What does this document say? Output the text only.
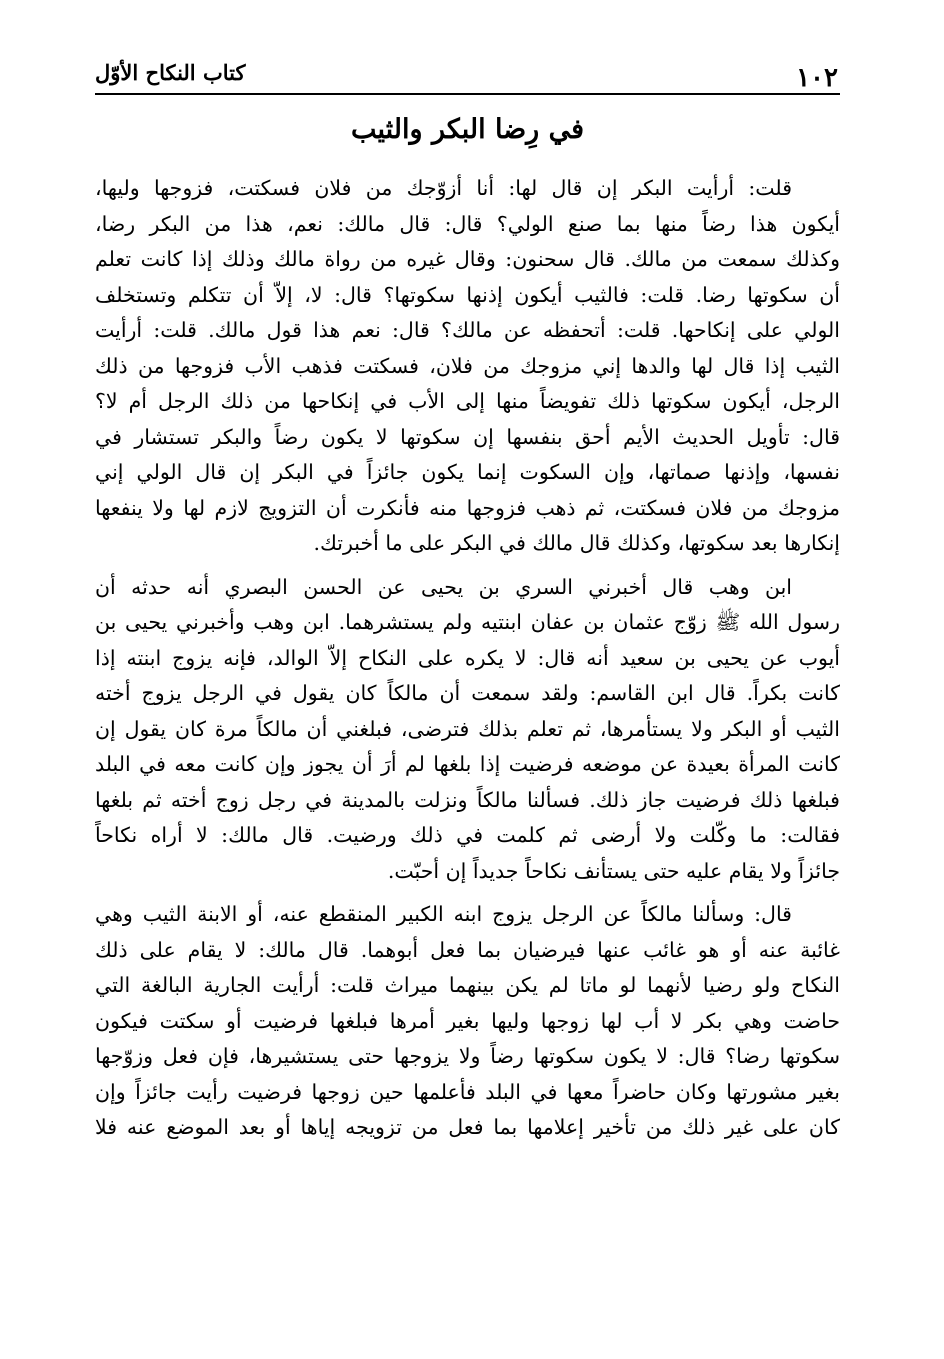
١٠٢
كتاب النكاح الأوّل
في رِضا البكر والثيب

قلت: أرأيت البكر إن قال لها: أنا أزوّجك من فلان فسكتت، فزوجها وليها،
أيكون هذا رضاً منها بما صنع الولي؟ قال: قال مالك: نعم، هذا من البكر رضا،
وكذلك سمعت من مالك. قال سحنون: وقال غيره من رواة مالك وذلك إذا كانت تعلم
أن سكوتها رضا. قلت: فالثيب أيكون إذنها سكوتها؟ قال: لا، إلاّ أن تتكلم وتستخلف
الولي على إنكاحها. قلت: أتحفظه عن مالك؟ قال: نعم هذا قول مالك. قلت: أرأيت
الثيب إذا قال لها والدها إني مزوجك من فلان، فسكتت فذهب الأب فزوجها من ذلك
الرجل، أيكون سكوتها ذلك تفويضاً منها إلى الأب في إنكاحها من ذلك الرجل أم لا؟
قال: تأويل الحديث الأيم أحق بنفسها إن سكوتها لا يكون رضاً والبكر تستشار في
نفسها، وإذنها صماتها، وإن السكوت إنما يكون جائزاً في البكر إن قال الولي إني
مزوجك من فلان فسكتت، ثم ذهب فزوجها منه فأنكرت أن التزويج لازم لها ولا ينفعها
إنكارها بعد سكوتها، وكذلك قال مالك في البكر على ما أخبرتك.

ابن وهب قال أخبرني السري بن يحيى عن الحسن البصري أنه حدثه أن
رسول الله ﷺ زوّج عثمان بن عفان ابنتيه ولم يستشرهما. ابن وهب وأخبرني يحيى بن
أيوب عن يحيى بن سعيد أنه قال: لا يكره على النكاح إلاّ الوالد، فإنه يزوج ابنته إذا
كانت بكراً. قال ابن القاسم: ولقد سمعت أن مالكاً كان يقول في الرجل يزوج أخته
الثيب أو البكر ولا يستأمرها، ثم تعلم بذلك فترضى، فبلغني أن مالكاً مرة كان يقول إن
كانت المرأة بعيدة عن موضعه فرضيت إذا بلغها لم أرَ أن يجوز وإن كانت معه في البلد
فبلغها ذلك فرضيت جاز ذلك. فسألنا مالكاً ونزلت بالمدينة في رجل زوج أخته ثم بلغها
فقالت: ما وكّلت ولا أرضى ثم كلمت في ذلك ورضيت. قال مالك: لا أراه نكاحاً
جائزاً ولا يقام عليه حتى يستأنف نكاحاً جديداً إن أحبّت.

قال: وسألنا مالكاً عن الرجل يزوج ابنه الكبير المنقطع عنه، أو الابنة الثيب وهي
غائبة عنه أو هو غائب عنها فيرضيان بما فعل أبوهما. قال مالك: لا يقام على ذلك
النكاح ولو رضيا لأنهما لو ماتا لم يكن بينهما ميراث قلت: أرأيت الجارية البالغة التي
حاضت وهي بكر لا أب لها زوجها وليها بغير أمرها فبلغها فرضيت أو سكتت فيكون
سكوتها رضا؟ قال: لا يكون سكوتها رضاً ولا يزوجها حتى يستشيرها، فإن فعل وزوّجها
بغير مشورتها وكان حاضراً معها في البلد فأعلمها حين زوجها فرضيت رأيت جائزاً وإن
كان على غير ذلك من تأخير إعلامها بما فعل من تزويجه إياها أو بعد الموضع عنه فلا
